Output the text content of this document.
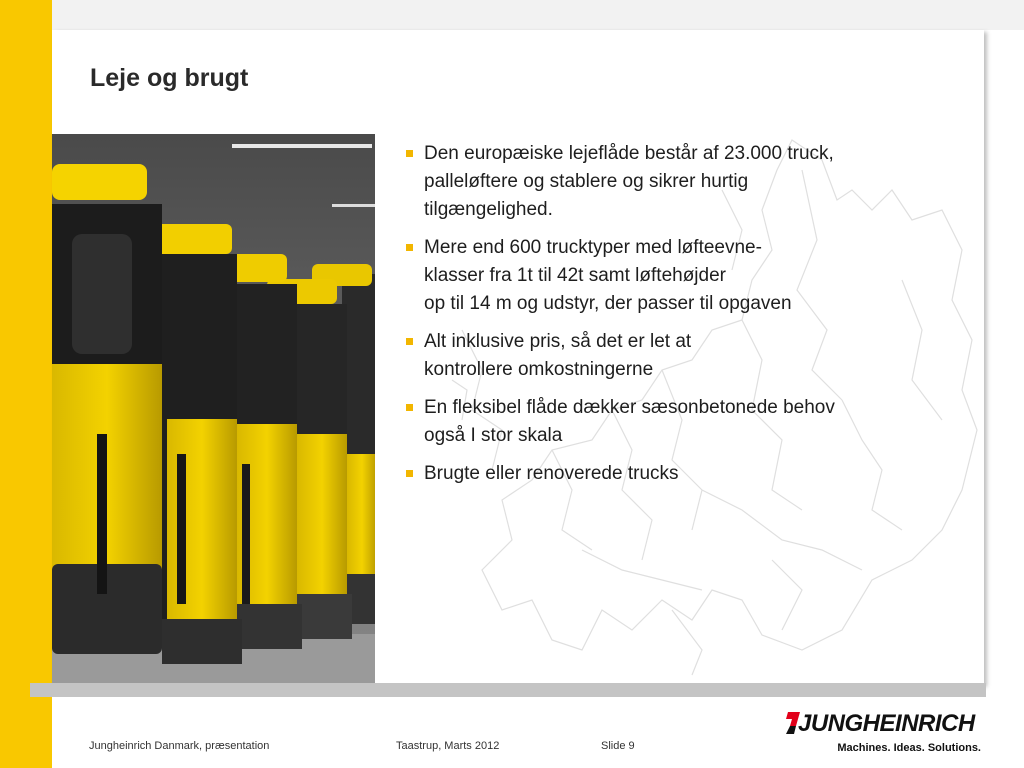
Leje og brugt
Den europæiske lejeflåde består af 23.000 truck,
palleløftere og stablere og sikrer hurtig
tilgængelighed.
Mere end 600 trucktyper med løfteevne-
klasser fra 1t til 42t samt løftehøjder
op til 14 m og udstyr, der passer til opgaven
Alt inklusive pris, så det er let at
kontrollere omkostningerne
En fleksibel flåde dækker sæsonbetonede behov
også I stor skala
Brugte eller renoverede trucks
Jungheinrich Danmark, præsentation	Taastrup, Marts 2012	Slide 9
JUNGHEINRICH
Machines. Ideas. Solutions.
